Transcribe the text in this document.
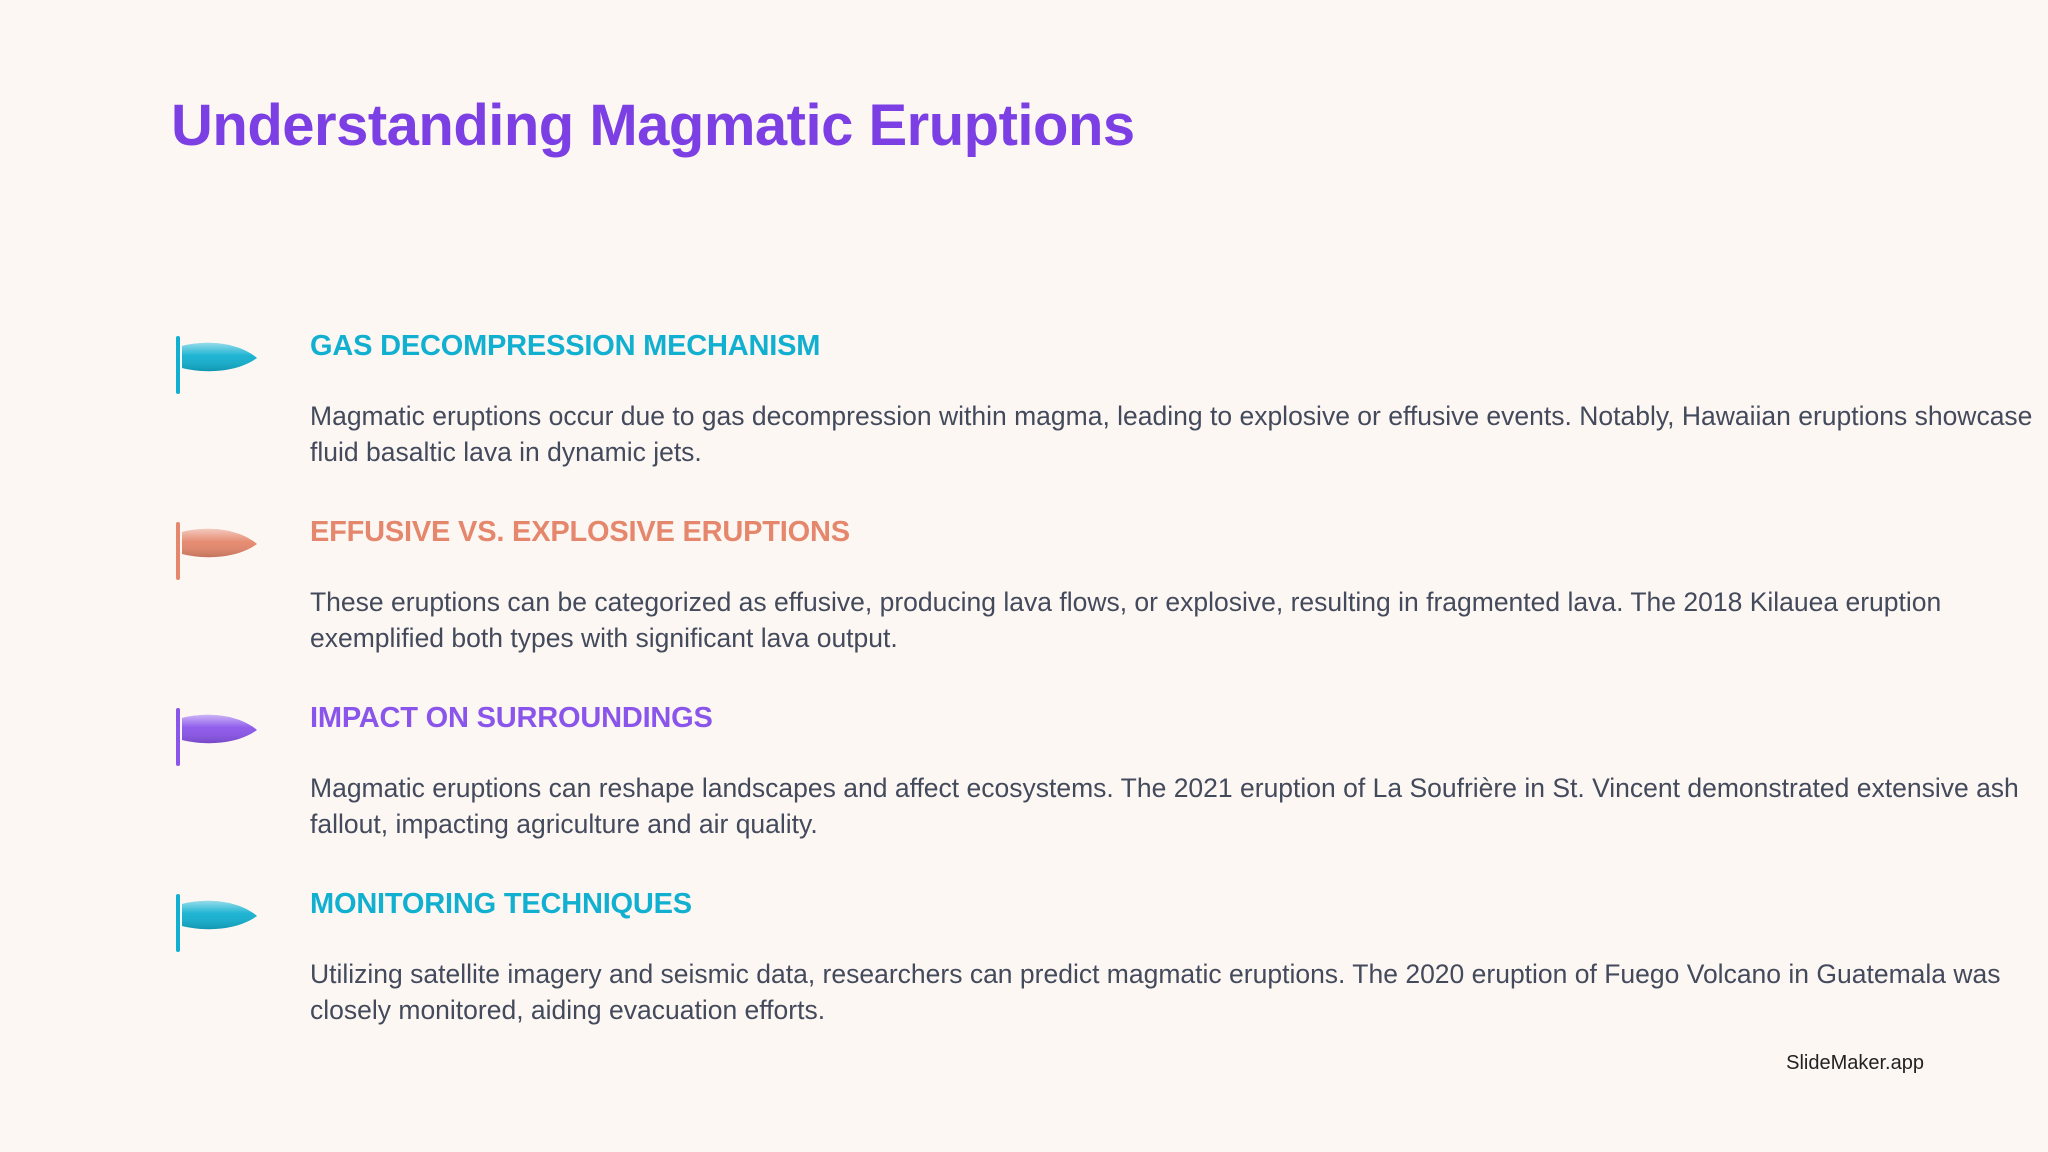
Understanding Magmatic Eruptions
GAS DECOMPRESSION MECHANISM

Magmatic eruptions occur due to gas decompression within magma, leading to explosive or effusive events. Notably, Hawaiian eruptions showcase fluid basaltic lava in dynamic jets.

EFFUSIVE VS. EXPLOSIVE ERUPTIONS

These eruptions can be categorized as effusive, producing lava flows, or explosive, resulting in fragmented lava. The 2018 Kilauea eruption exemplified both types with significant lava output.

IMPACT ON SURROUNDINGS

Magmatic eruptions can reshape landscapes and affect ecosystems. The 2021 eruption of La Soufrière in St. Vincent demonstrated extensive ash fallout, impacting agriculture and air quality.

MONITORING TECHNIQUES

Utilizing satellite imagery and seismic data, researchers can predict magmatic eruptions. The 2020 eruption of Fuego Volcano in Guatemala was closely monitored, aiding evacuation efforts.

SlideMaker.app
